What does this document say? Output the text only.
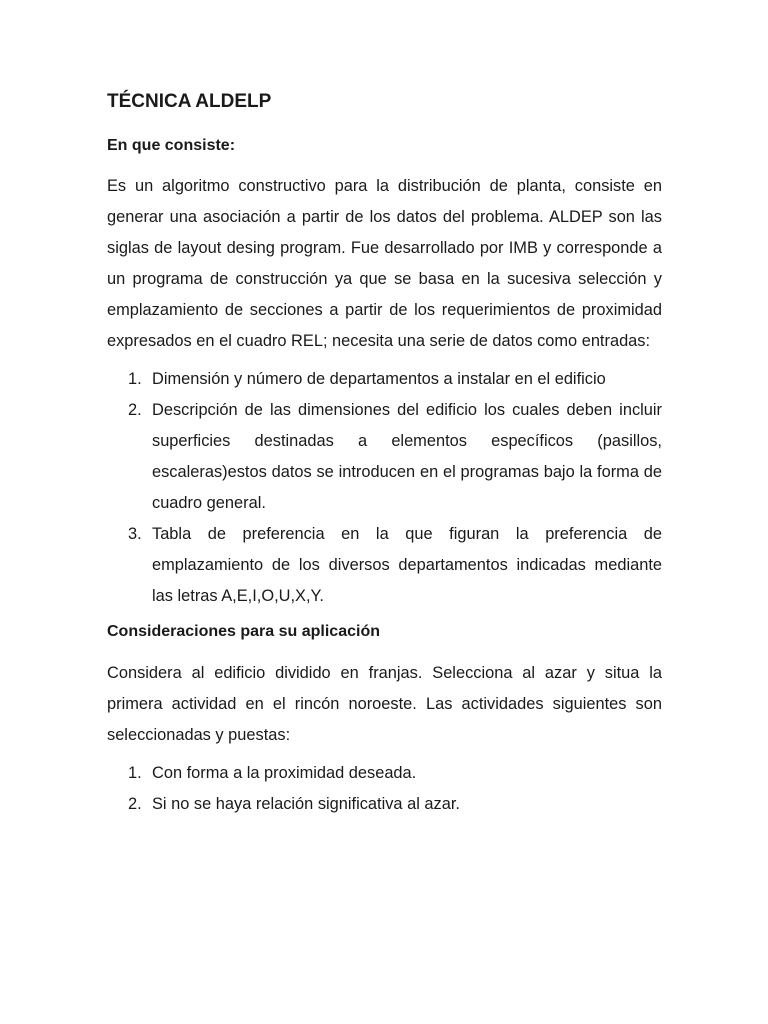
TÉCNICA ALDELP
En que consiste:

Es un algoritmo constructivo para la distribución de planta, consiste en generar una asociación a partir de los datos del problema. ALDEP son las siglas de layout desing program. Fue desarrollado por IMB y corresponde a un programa de construcción ya que se basa en la sucesiva selección y emplazamiento de secciones a partir de los requerimientos de proximidad expresados en el cuadro REL; necesita una serie de datos como entradas:

1. Dimensión y número de departamentos a instalar en el edificio
2. Descripción de las dimensiones del edificio los cuales deben incluir superficies destinadas a elementos específicos (pasillos, escaleras)estos datos se introducen en el programas bajo la forma de cuadro general.
3. Tabla de preferencia en la que figuran la preferencia de emplazamiento de los diversos departamentos indicadas mediante las letras A,E,I,O,U,X,Y.
Consideraciones para su aplicación

Considera al edificio dividido en franjas. Selecciona al azar y situa la primera actividad en el rincón noroeste. Las actividades siguientes son seleccionadas y puestas:

1. Con forma a la proximidad deseada.
2. Si no se haya relación significativa al azar.
